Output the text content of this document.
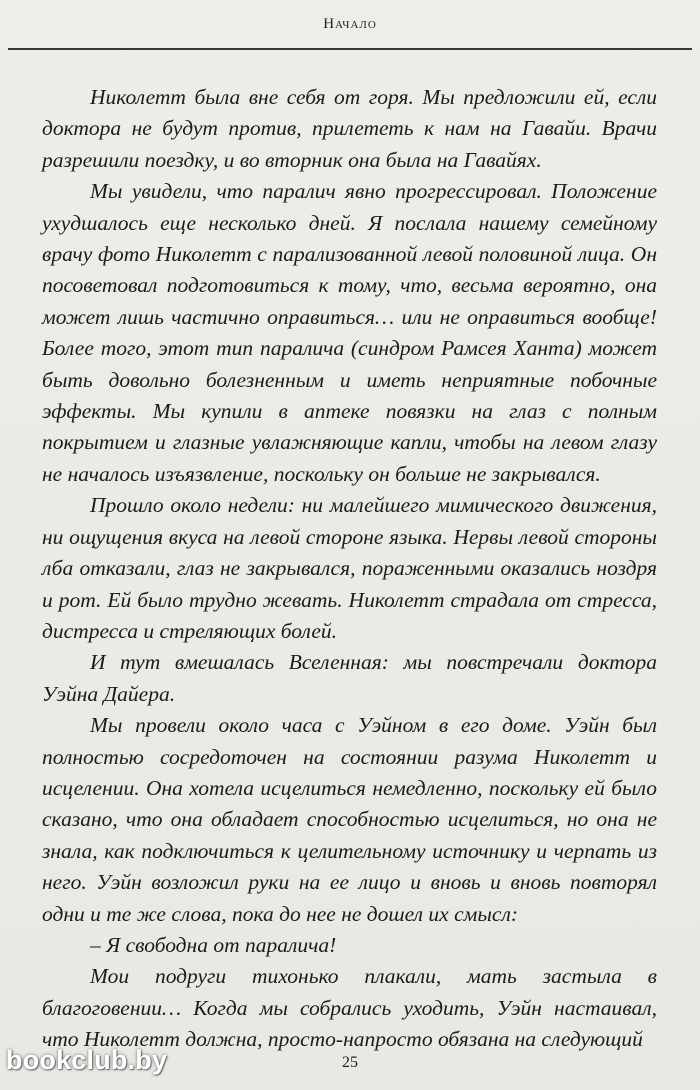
Начало

Николетт была вне себя от горя. Мы предложили ей, если доктора не будут против, прилететь к нам на Гавайи. Врачи разрешили поездку, и во вторник она была на Гавайях.

Мы увидели, что паралич явно прогрессировал. Положение ухудшалось еще несколько дней. Я послала нашему семейному врачу фото Николетт с парализованной левой половиной лица. Он посоветовал подготовиться к тому, что, весьма вероятно, она может лишь частично оправиться… или не оправиться вообще! Более того, этот тип паралича (синдром Рамсея Ханта) может быть довольно болезненным и иметь неприятные побочные эффекты. Мы купили в аптеке повязки на глаз с полным покрытием и глазные увлажняющие капли, чтобы на левом глазу не началось изъязвление, поскольку он больше не закрывался.

Прошло около недели: ни малейшего мимического движения, ни ощущения вкуса на левой стороне языка. Нервы левой стороны лба отказали, глаз не закрывался, пораженными оказались ноздря и рот. Ей было трудно жевать. Николетт страдала от стресса, дистресса и стреляющих болей.

И тут вмешалась Вселенная: мы повстречали доктора Уэйна Дайера.

Мы провели около часа с Уэйном в его доме. Уэйн был полностью сосредоточен на состоянии разума Николетт и исцелении. Она хотела исцелиться немедленно, поскольку ей было сказано, что она обладает способностью исцелиться, но она не знала, как подключиться к целительному источнику и черпать из него. Уэйн возложил руки на ее лицо и вновь и вновь повторял одни и те же слова, пока до нее не дошел их смысл:

– Я свободна от паралича!

Мои подруги тихонько плакали, мать застыла в благоговении… Когда мы собрались уходить, Уэйн настаивал, что Николетт должна, просто-напросто обязана на следующий

25
bookclub.by
